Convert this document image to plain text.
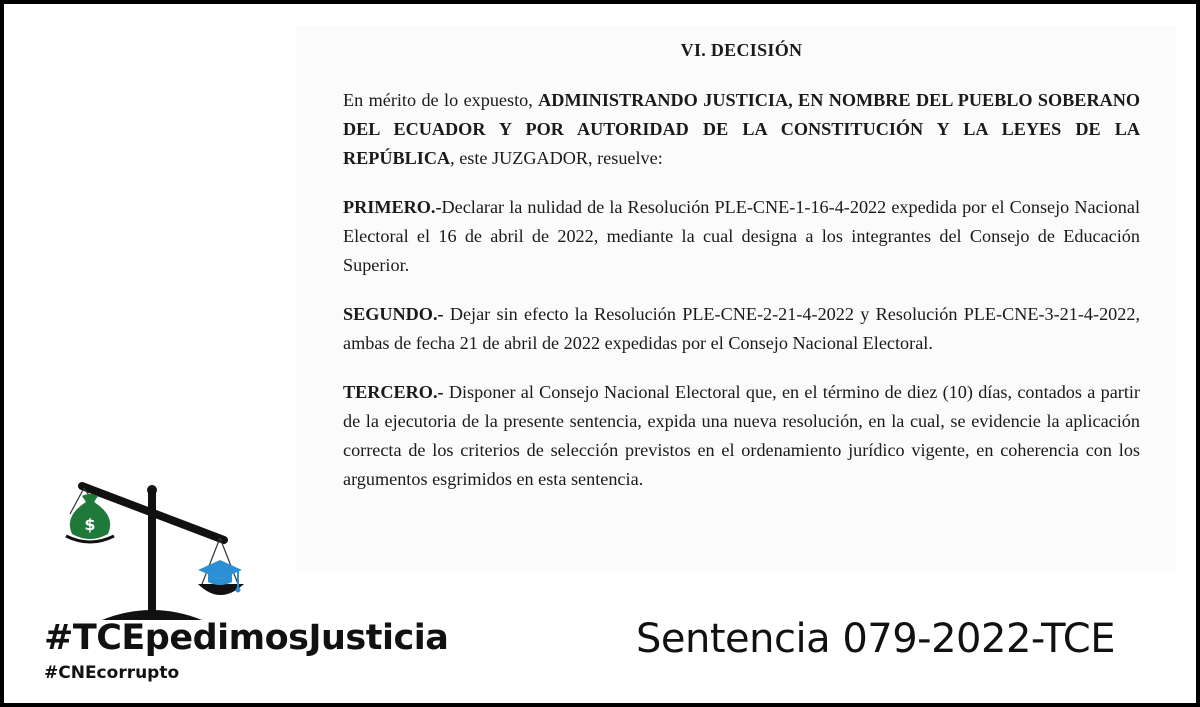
VI. DECISIÓN
En mérito de lo expuesto, ADMINISTRANDO JUSTICIA, EN NOMBRE DEL PUEBLO SOBERANO DEL ECUADOR Y POR AUTORIDAD DE LA CONSTITUCIÓN Y LA LEYES DE LA REPÚBLICA, este JUZGADOR, resuelve:
PRIMERO.-Declarar la nulidad de la Resolución PLE-CNE-1-16-4-2022 expedida por el Consejo Nacional Electoral el 16 de abril de 2022, mediante la cual designa a los integrantes del Consejo de Educación Superior.
SEGUNDO.- Dejar sin efecto la Resolución PLE-CNE-2-21-4-2022 y Resolución PLE-CNE-3-21-4-2022, ambas de fecha 21 de abril de 2022 expedidas por el Consejo Nacional Electoral.
TERCERO.- Disponer al Consejo Nacional Electoral que, en el término de diez (10) días, contados a partir de la ejecutoria de la presente sentencia, expida una nueva resolución, en la cual, se evidencie la aplicación correcta de los criterios de selección previstos en el ordenamiento jurídico vigente, en coherencia con los argumentos esgrimidos en esta sentencia.
$
#TCEpedimosJusticia
#CNEcorrupto
Sentencia 079-2022-TCE
